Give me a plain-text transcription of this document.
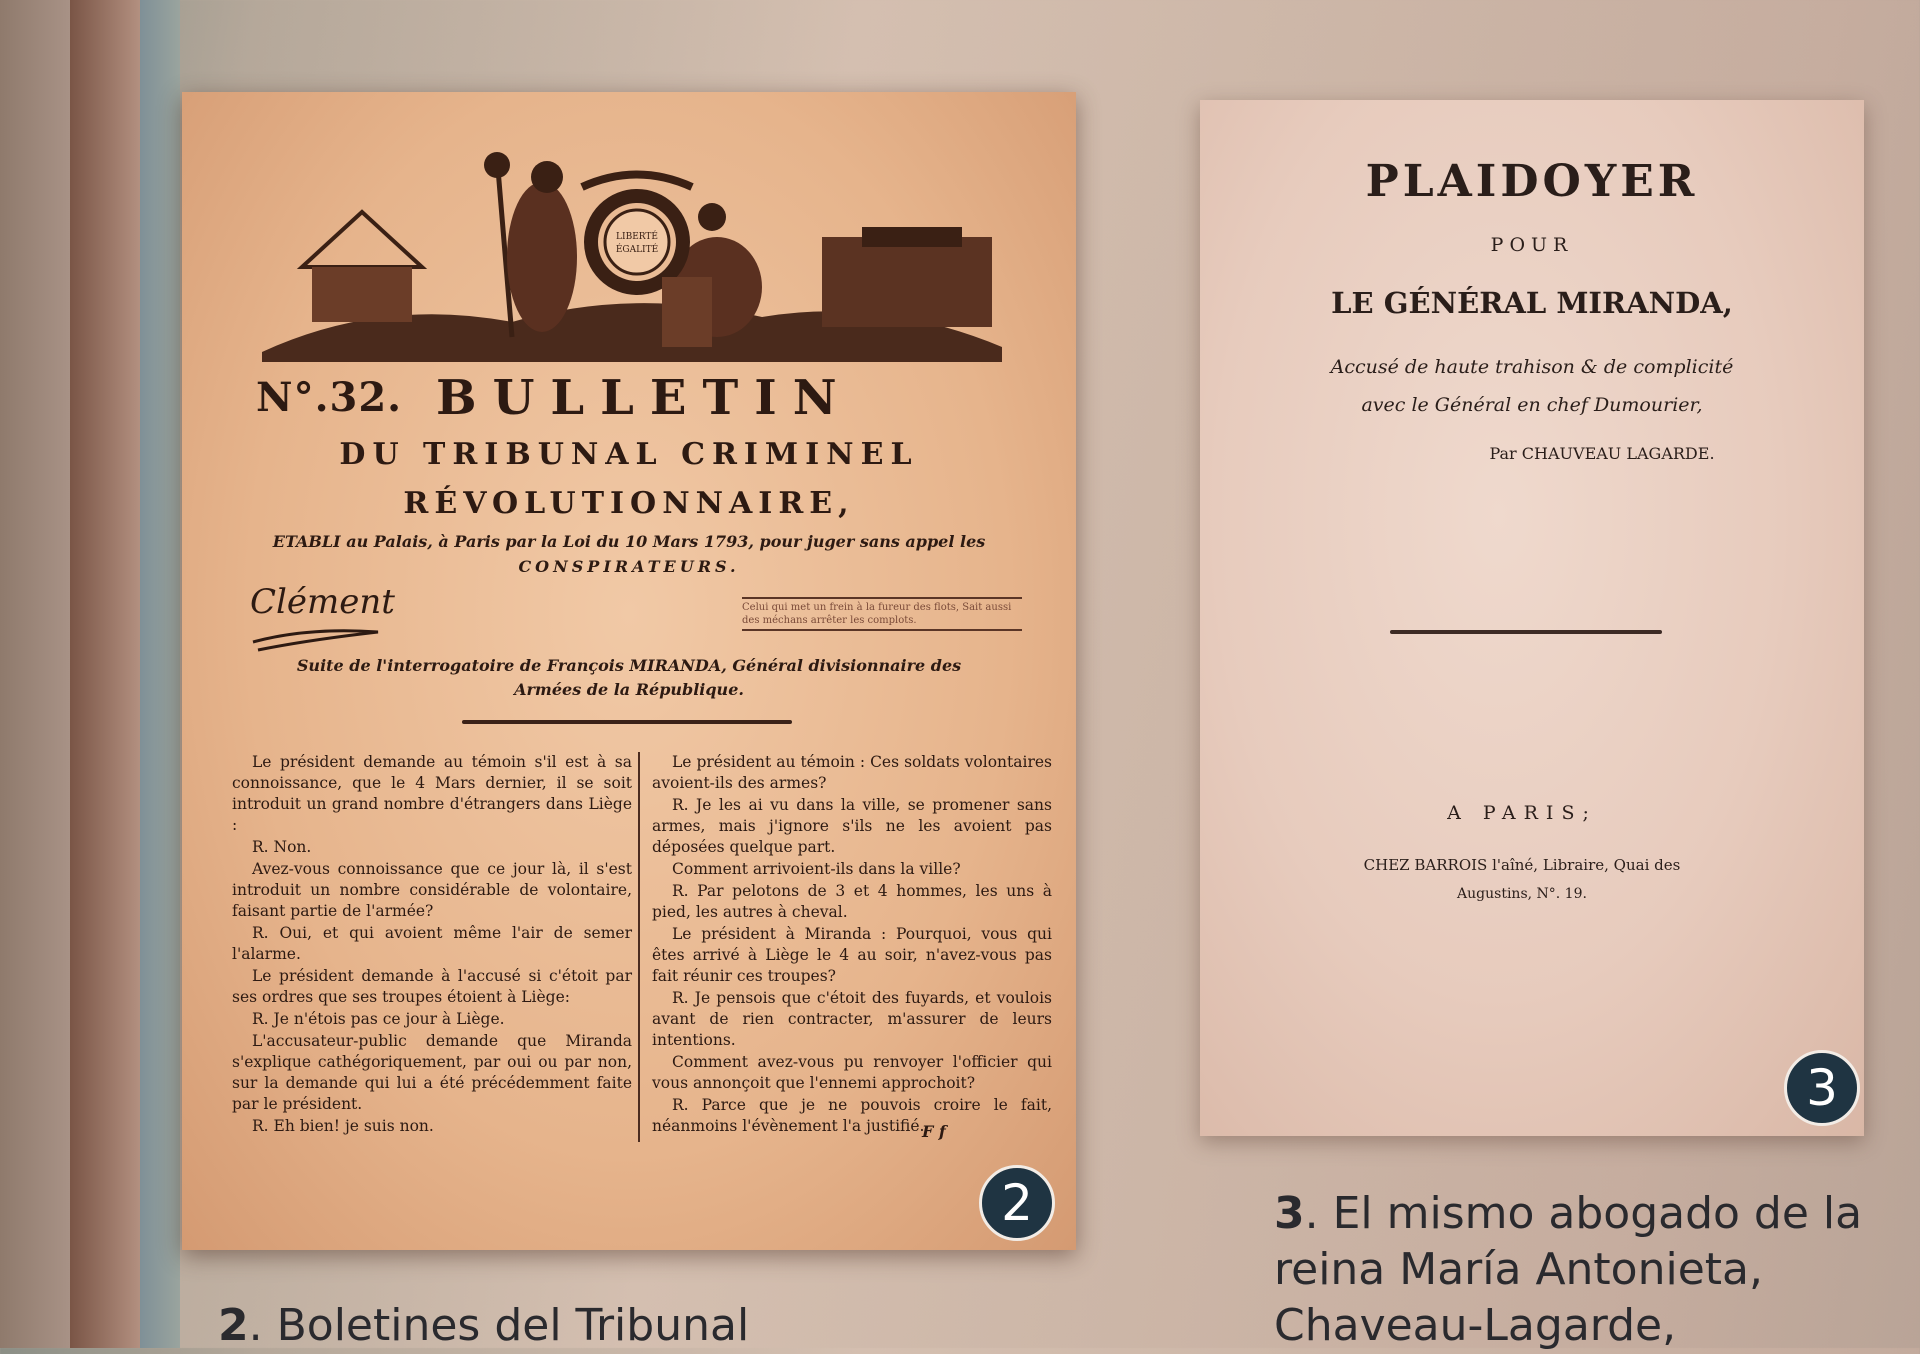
LIBERTÉ
ÉGALITÉ
N°.32. BULLETIN
DU TRIBUNAL CRIMINEL
RÉVOLUTIONNAIRE,
ETABLI au Palais, à Paris par la Loi du 10 Mars 1793, pour juger sans appel les
CONSPIRATEURS.
Clément	Celui qui met un frein à la fureur des flots, Sait aussi des méchans arrêter les complots.
Suite de l'interrogatoire de François MIRANDA, Général divisionnaire des
Armées de la République.

Le président demande au témoin s'il est à sa connoissance, que le 4 Mars dernier, il se soit introduit un grand nombre d'étrangers dans Liège :

R. Non.

Avez-vous connoissance que ce jour là, il s'est introduit un nombre considérable de volontaire, faisant partie de l'armée?

R. Oui, et qui avoient même l'air de semer l'alarme.

Le président demande à l'accusé si c'étoit par ses ordres que ses troupes étoient à Liège:

R. Je n'étois pas ce jour à Liège.

L'accusateur-public demande que Miranda s'explique cathégoriquement, par oui ou par non, sur la demande qui lui a été précédemment faite par le président.

R. Eh bien! je suis non.

Le président au témoin : Ces soldats volontaires avoient-ils des armes?

R. Je les ai vu dans la ville, se promener sans armes, mais j'ignore s'ils ne les avoient pas déposées quelque part.

Comment arrivoient-ils dans la ville?

R. Par pelotons de 3 et 4 hommes, les uns à pied, les autres à cheval.

Le président à Miranda : Pourquoi, vous qui êtes arrivé à Liège le 4 au soir, n'avez-vous pas fait réunir ces troupes?

R. Je pensois que c'étoit des fuyards, et voulois avant de rien contracter, m'assurer de leurs intentions.

Comment avez-vous pu renvoyer l'officier qui vous annonçoit que l'ennemi approchoit?

R. Parce que je ne pouvois croire le fait, néanmoins l'évènement l'a justifié.

F f
PLAIDOYER
POUR
LE GÉNÉRAL MIRANDA,
Accusé de haute trahison & de complicité
avec le Général en chef Dumourier,
Par CHAUVEAU LAGARDE.
A PARIS;
CHEZ BARROIS l'aîné, Libraire, Quai des
Augustins, N°. 19.
2
3
2. Boletines del Tribunal
3. El mismo abogado de la reina María Antonieta, Chaveau-Lagarde,
